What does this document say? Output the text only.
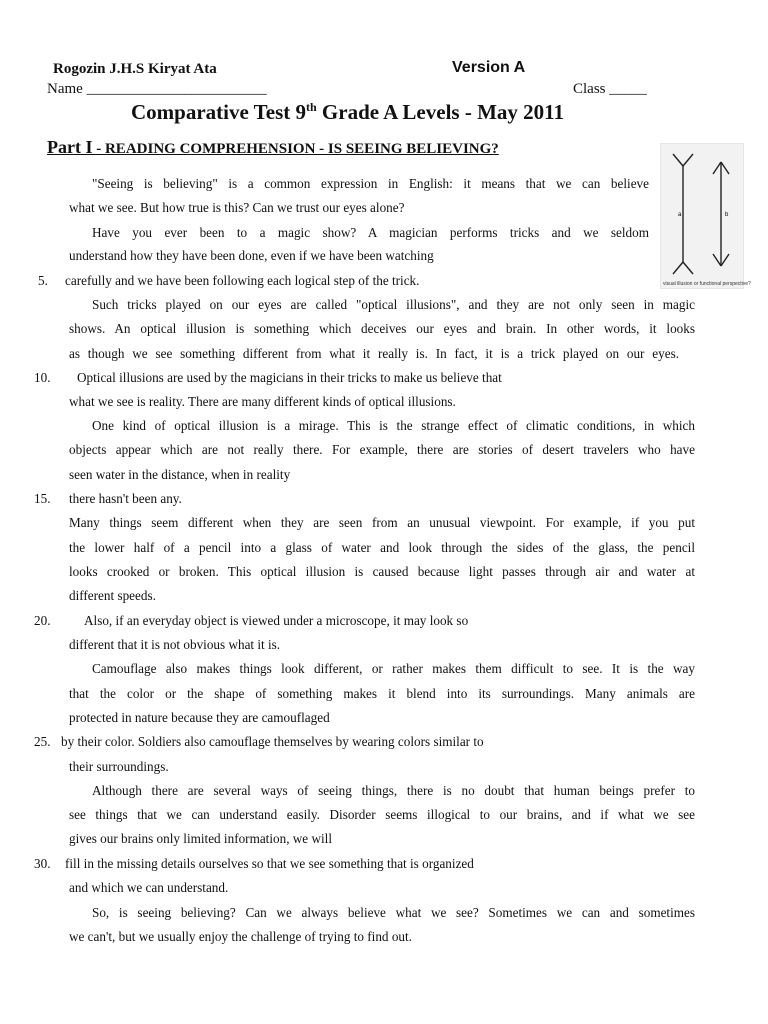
Rogozin J.H.S Kiryat Ata	Version A
Name ________________________	Class _____
Comparative Test 9th Grade A Levels - May 2011
Part I - READING COMPREHENSION - IS SEEING BELIEVING?
a	b
visual illusion or functional perspective?
"Seeing is believing" is a common expression in English: it means that we can believe
what we see. But how true is this? Can we trust our eyes alone?
Have you ever been to a magic show? A magician performs tricks and we seldom
understand how they have been done, even if we have been watching
carefully and we have been following each logical step of the trick.
Such tricks played on our eyes are called "optical illusions", and they are not only seen in magic
shows. An optical illusion is something which deceives our eyes and brain. In other words, it looks
as though we see something different from what it really is. In fact, it is a trick played on our eyes.
Optical illusions are used by the magicians in their tricks to make us believe that
what we see is reality. There are many different kinds of optical illusions.
One kind of optical illusion is a mirage. This is the strange effect of climatic conditions, in which
objects appear which are not really there. For example, there are stories of desert travelers who have
seen water in the distance, when in reality
there hasn't been any.
Many things seem different when they are seen from an unusual viewpoint. For example, if you put
the lower half of a pencil into a glass of water and look through the sides of the glass, the pencil
looks crooked or broken. This optical illusion is caused because light passes through air and water at
different speeds.
Also, if an everyday object is viewed under a microscope, it may look so
different that it is not obvious what it is.
Camouflage also makes things look different, or rather makes them difficult to see. It is the way
that the color or the shape of something makes it blend into its surroundings. Many animals are
protected in nature because they are camouflaged
by their color. Soldiers also camouflage themselves by wearing colors similar to
their surroundings.
Although there are several ways of seeing things, there is no doubt that human beings prefer to
see things that we can understand easily. Disorder seems illogical to our brains, and if what we see
gives our brains only limited information, we will
fill in the missing details ourselves so that we see something that is organized
and which we can understand.
So, is seeing believing? Can we always believe what we see? Sometimes we can and sometimes
we can't, but we usually enjoy the challenge of trying to find out.
5.
10.
15.
20.
25.
30.
